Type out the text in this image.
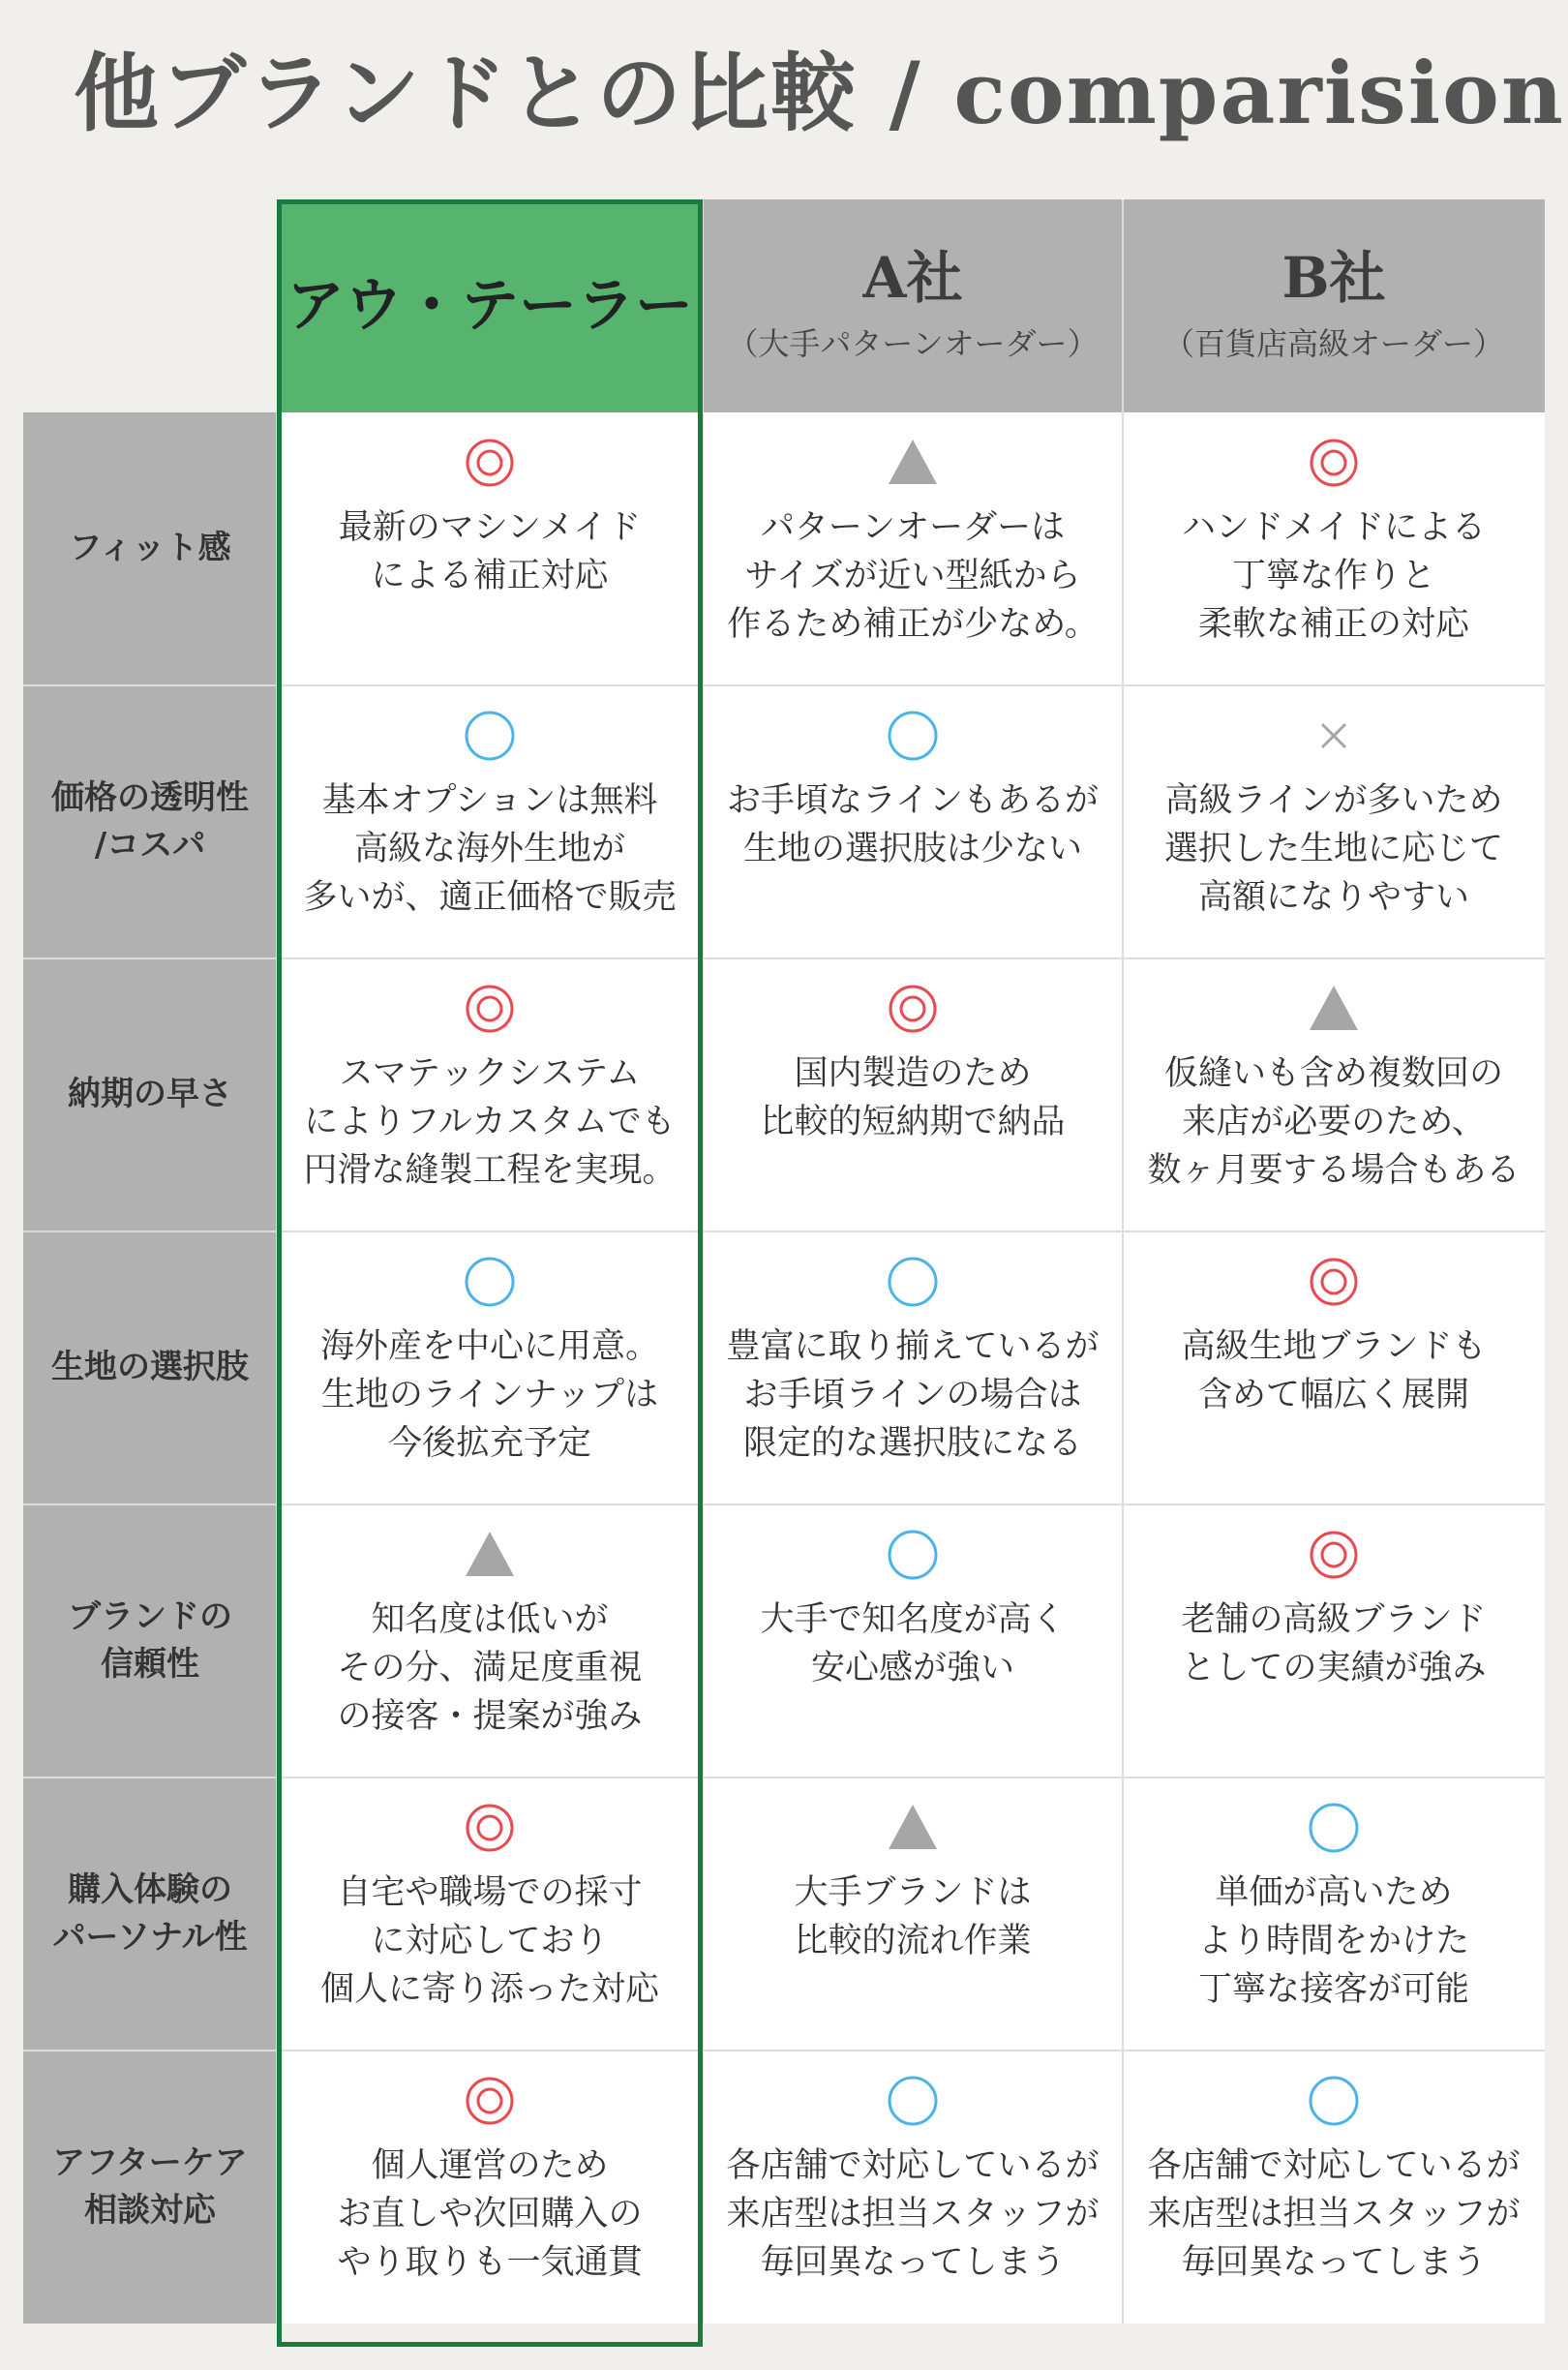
他ブランドとの比較 / comparision
アウ・テーラー	A社
（大手パターンオーダー）
B社
（百貨店高級オーダー）
フィット感
最新のマシンメイド
による補正対応
パターンオーダーは
サイズが近い型紙から
作るため補正が少なめ。
ハンドメイドによる
丁寧な作りと
柔軟な補正の対応
価格の透明性
/コスパ
基本オプションは無料
高級な海外生地が
多いが、適正価格で販売
お手頃なラインもあるが
生地の選択肢は少ない
高級ラインが多いため
選択した生地に応じて
高額になりやすい
納期の早さ
スマテックシステム
によりフルカスタムでも
円滑な縫製工程を実現。
国内製造のため
比較的短納期で納品
仮縫いも含め複数回の
来店が必要のため、
数ヶ月要する場合もある
生地の選択肢
海外産を中心に用意。
生地のラインナップは
今後拡充予定
豊富に取り揃えているが
お手頃ラインの場合は
限定的な選択肢になる
高級生地ブランドも
含めて幅広く展開
ブランドの
信頼性
知名度は低いが
その分、満足度重視
の接客・提案が強み
大手で知名度が高く
安心感が強い
老舗の高級ブランド
としての実績が強み
購入体験の
パーソナル性
自宅や職場での採寸
に対応しており
個人に寄り添った対応
大手ブランドは
比較的流れ作業
単価が高いため
より時間をかけた
丁寧な接客が可能
アフターケア
相談対応
個人運営のため
お直しや次回購入の
やり取りも一気通貫
各店舗で対応しているが
来店型は担当スタッフが
毎回異なってしまう
各店舗で対応しているが
来店型は担当スタッフが
毎回異なってしまう
